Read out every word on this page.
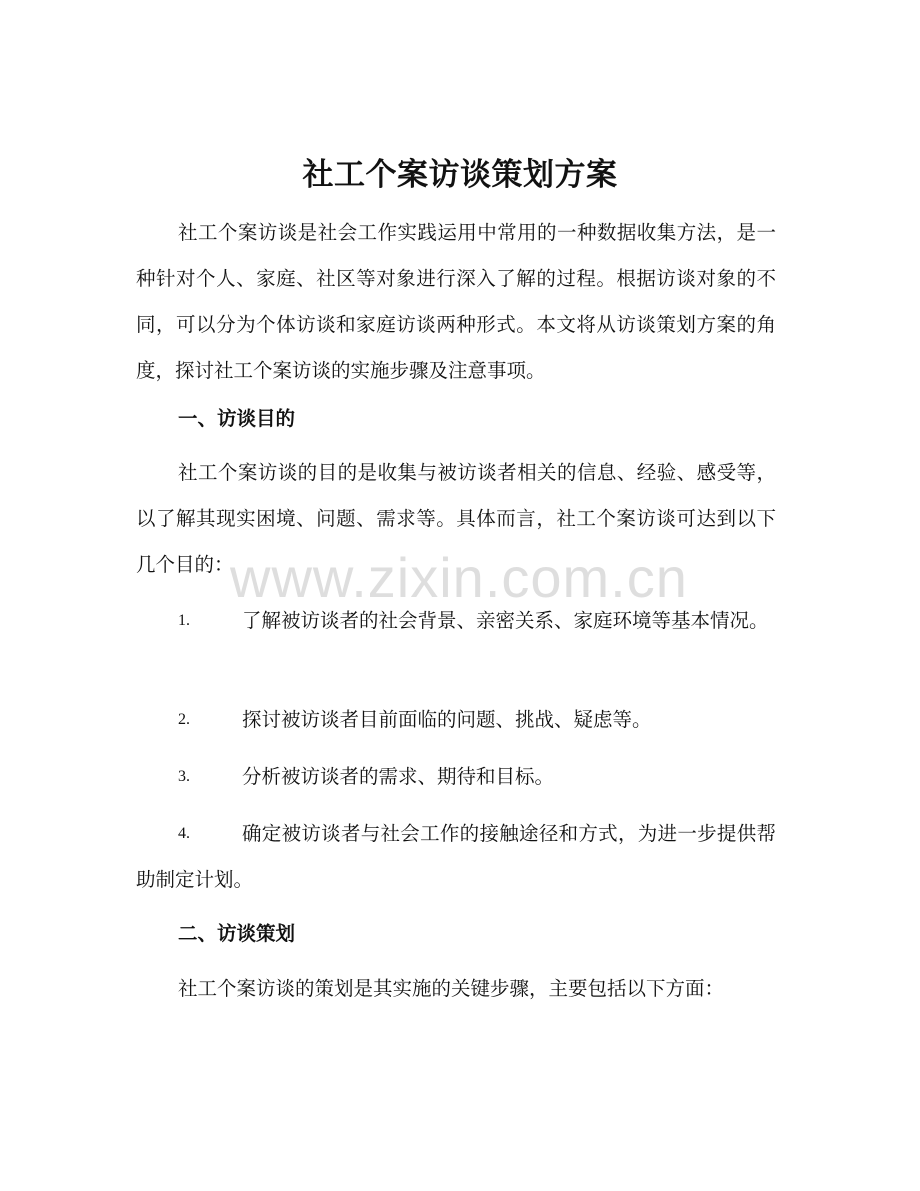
社工个案访谈策划方案

社工个案访谈是社会工作实践运用中常用的一种数据收集方法，是一种针对个人、家庭、社区等对象进行深入了解的过程。根据访谈对象的不同，可以分为个体访谈和家庭访谈两种形式。本文将从访谈策划方案的角度，探讨社工个案访谈的实施步骤及注意事项。

一、访谈目的

社工个案访谈的目的是收集与被访谈者相关的信息、经验、感受等，以了解其现实困境、问题、需求等。具体而言，社工个案访谈可达到以下几个目的：

1.	了解被访谈者的社会背景、亲密关系、家庭环境等基本情况。
2.	探讨被访谈者目前面临的问题、挑战、疑虑等。
3.	分析被访谈者的需求、期待和目标。
4.	确定被访谈者与社会工作的接触途径和方式，为进一步提供帮助制定计划。

二、访谈策划

社工个案访谈的策划是其实施的关键步骤，主要包括以下方面：

www.zixin.com.cn
